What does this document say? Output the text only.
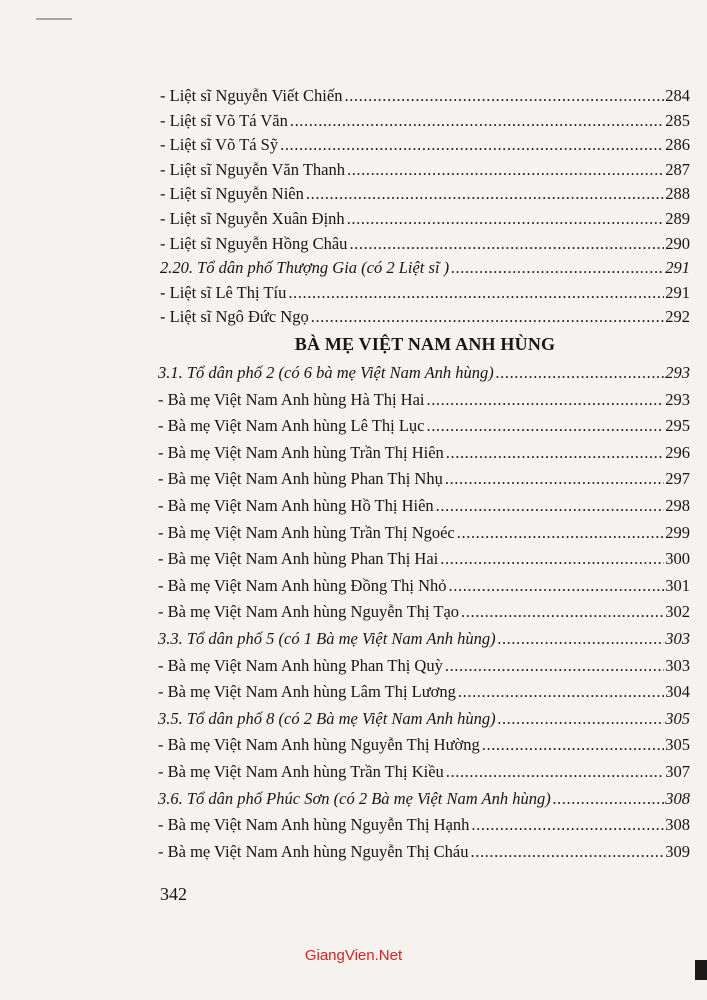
- Liệt sĩ Nguyễn Viết Chiến .....	284
- Liệt sĩ Võ Tá Văn .....	285
- Liệt sĩ Võ Tá Sỹ .....	286
- Liệt sĩ Nguyễn Văn Thanh .....	287
- Liệt sĩ Nguyễn Niên .....	288
- Liệt sĩ Nguyễn Xuân Định .....	289
- Liệt sĩ Nguyễn Hồng Châu .....	290
2.20. Tổ dân phố Thượng Gia (có 2 Liệt sĩ ) .....	291
- Liệt sĩ Lê Thị Tíu .....	291
- Liệt sĩ Ngô Đức Ngọ .....	292
BÀ MẸ VIỆT NAM ANH HÙNG
3.1. Tổ dân phố 2 (có 6 bà mẹ Việt Nam Anh hùng) .....	293
- Bà mẹ Việt Nam Anh hùng Hà Thị Hai .....	293
- Bà mẹ Việt Nam Anh hùng Lê Thị Lục .....	295
- Bà mẹ Việt Nam Anh hùng Trần Thị Hiên .....	296
- Bà mẹ Việt Nam Anh hùng Phan Thị Nhụ .....	297
- Bà mẹ Việt Nam Anh hùng Hồ Thị Hiên .....	298
- Bà mẹ Việt Nam Anh hùng Trần Thị Ngoéc .....	299
- Bà mẹ Việt Nam Anh hùng Phan Thị Hai .....	300
- Bà mẹ Việt Nam Anh hùng Đồng Thị Nhỏ .....	301
- Bà mẹ Việt Nam Anh hùng Nguyễn Thị Tạo .....	302
3.3. Tổ dân phố 5 (có 1 Bà mẹ Việt Nam Anh hùng) .....	303
- Bà mẹ Việt Nam Anh hùng Phan Thị Quỳ .....	303
- Bà mẹ Việt Nam Anh hùng Lâm Thị Lương .....	304
3.5. Tổ dân phố 8 (có 2 Bà mẹ Việt Nam Anh hùng) .....	305
- Bà mẹ Việt Nam Anh hùng Nguyễn Thị Hường .....	305
- Bà mẹ Việt Nam Anh hùng Trần Thị Kiều .....	307
3.6. Tổ dân phố Phúc Sơn (có 2 Bà mẹ Việt Nam Anh hùng) .....	308
- Bà mẹ Việt Nam Anh hùng Nguyễn Thị Hạnh .....	308
- Bà mẹ Việt Nam Anh hùng Nguyễn Thị Cháu .....	309
342
GiangVien.Net
